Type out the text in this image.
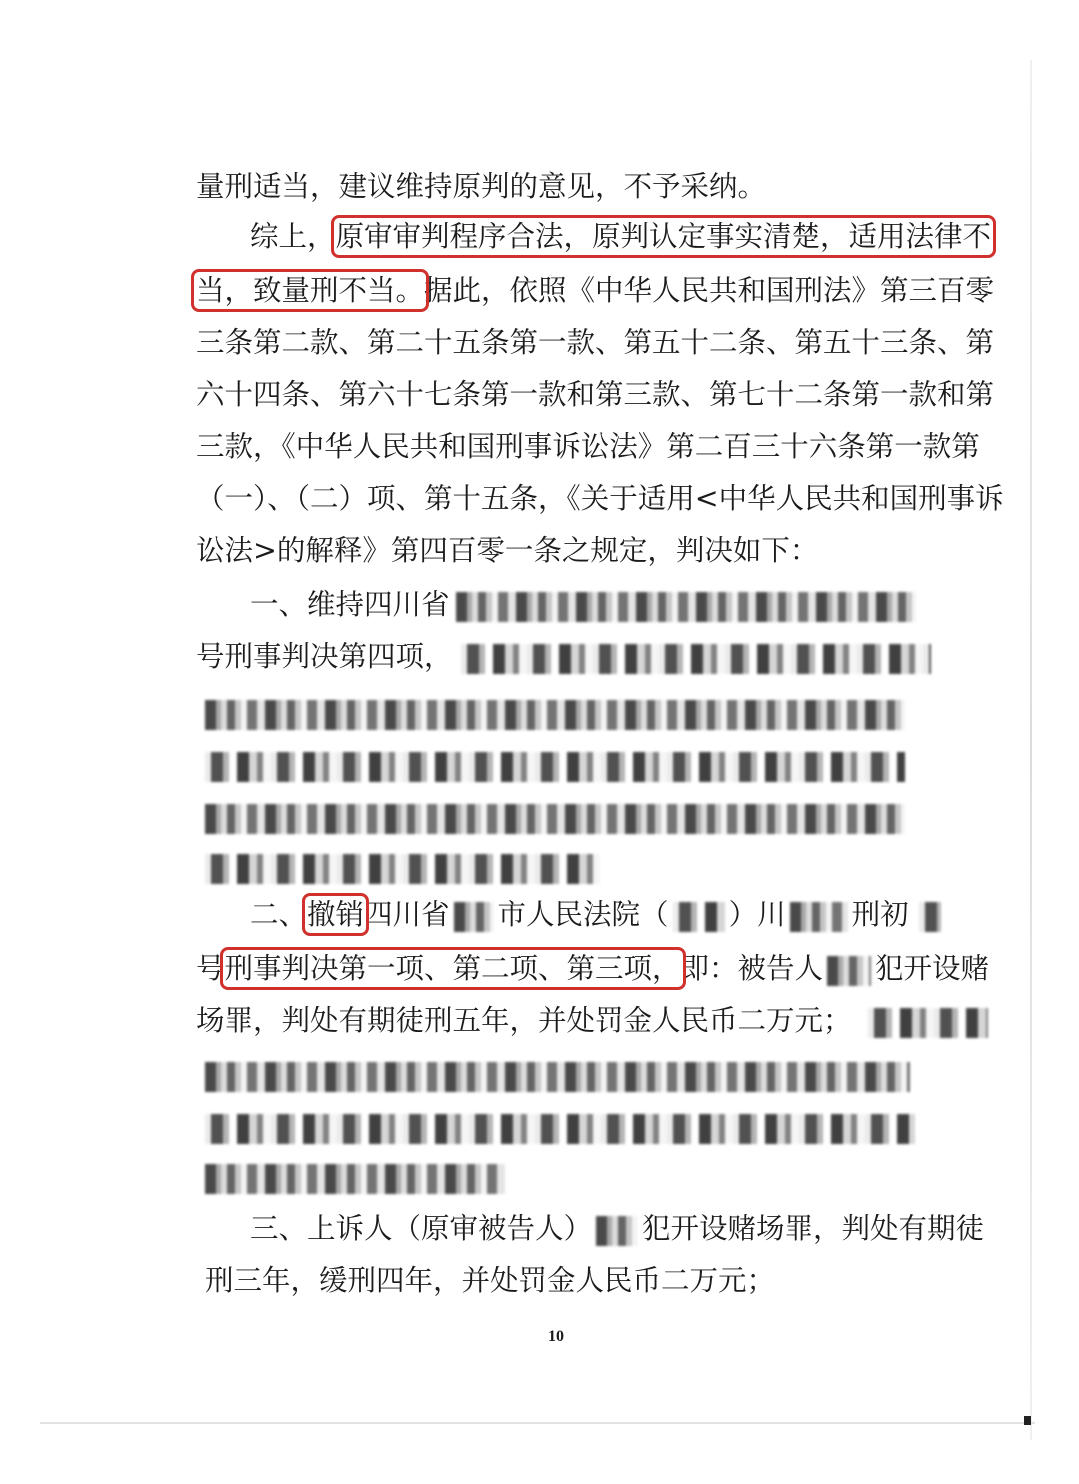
量刑适当，建议维持原判的意见，不予采纳。
综上，原审审判程序合法，原判认定事实清楚，适用法律不
当，致量刑不当。据此，依照《中华人民共和国刑法》第三百零
三条第二款、第二十五条第一款、第五十二条、第五十三条、第
六十四条、第六十七条第一款和第三款、第七十二条第一款和第
三款，《中华人民共和国刑事诉讼法》第二百三十六条第一款第
（一）、（二）项、第十五条，《关于适用<中华人民共和国刑事诉
讼法>的解释》第四百零一条之规定，判决如下：
一、维持四川省
号刑事判决第四项，
二、撤销四川省 市人民法院（ ）川 刑初
号刑事判决第一项、第二项、第三项，即：被告人 犯开设赌
场罪，判处有期徒刑五年，并处罚金人民币二万元；
三、上诉人（原审被告人） 犯开设赌场罪，判处有期徒
刑三年，缓刑四年，并处罚金人民币二万元；
10
